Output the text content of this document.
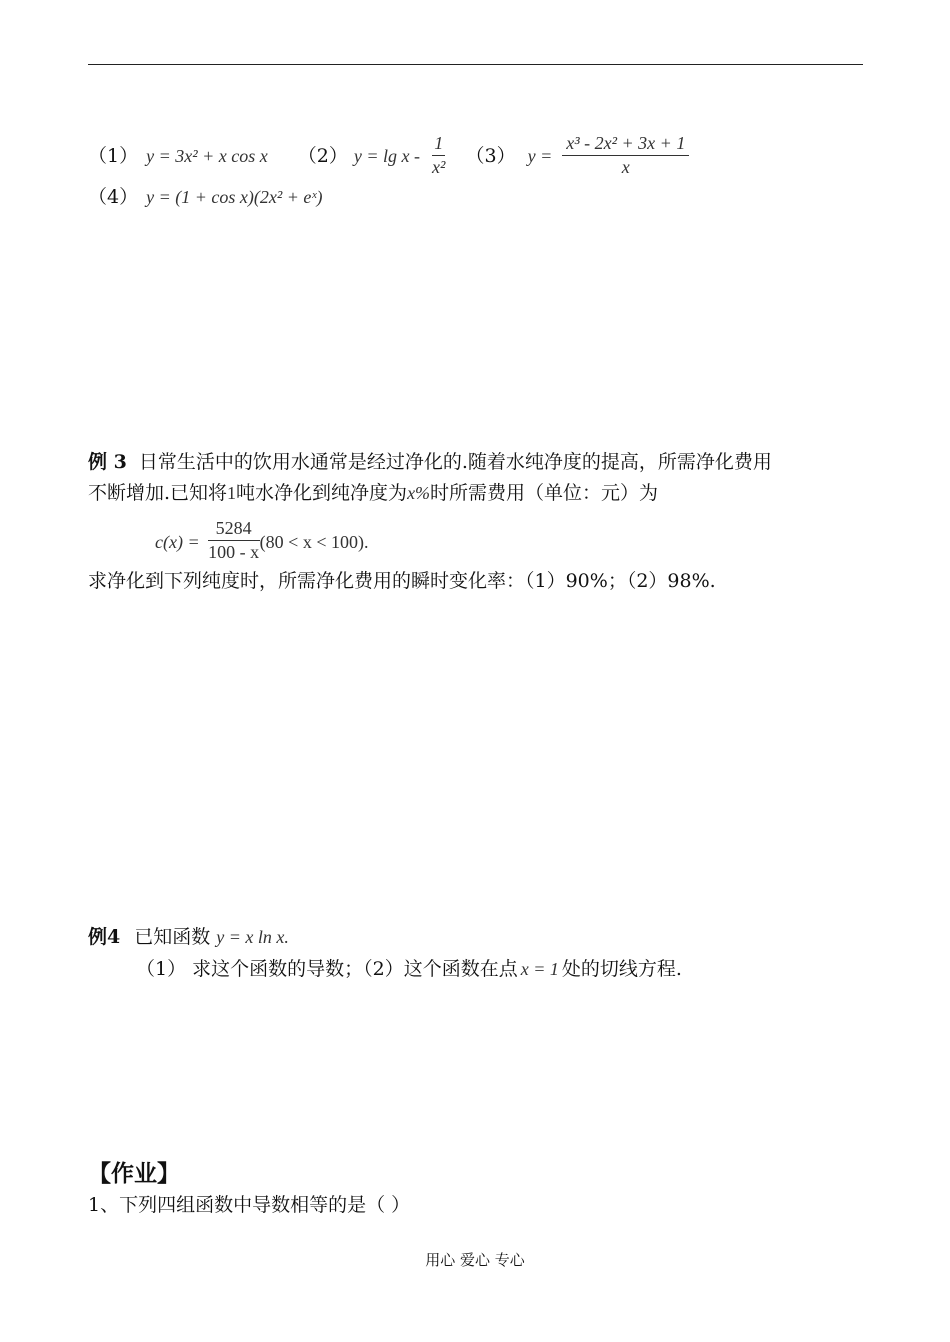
（1） y = 3x² + x cos x （2） $y = \lg x - \frac{1}{\text{x²}} (3) y = \frac{\text{x³ - 2x² + 3x + 1}}{x}$
（4） y = (1 + cos x)(2x² + eˣ)
例 3 日常生活中的饮用水通常是经过净化的.随着水纯净度的提高，所需净化费用
不断增加.已知将1吨水净化到纯净度为x%时所需费用（单位：元）为
$c(x) = \frac{5284}{100 - x} (80 < x < 100)$.
求净化到下列纯度时，所需净化费用的瞬时变化率：（1）90%；（2）98%.
例4 已知函数 y = x ln x.
（1） 求这个函数的导数；（2）这个函数在点 x = 1 处的切线方程.
【作业】
1、下列四组函数中导数相等的是（ ）
用心 爱心 专心
